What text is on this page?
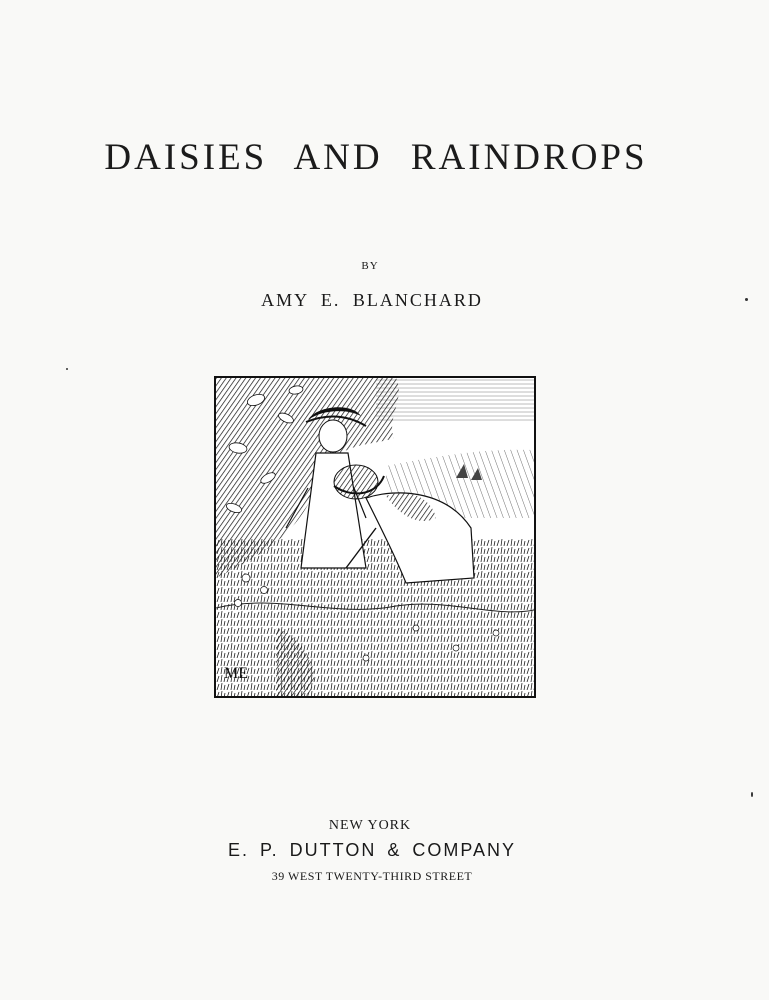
DAISIES AND RAINDROPS
BY
AMY E. BLANCHARD
ME
NEW YORK
E. P. DUTTON & COMPANY
39 WEST TWENTY-THIRD STREET
